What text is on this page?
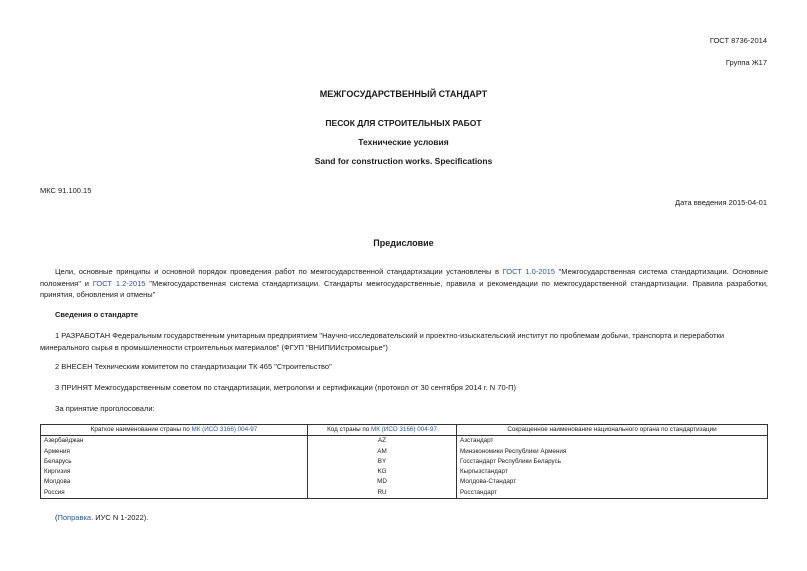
ГОСТ 8736-2014
Группа Ж17
МЕЖГОСУДАРСТВЕННЫЙ СТАНДАРТ
ПЕСОК ДЛЯ СТРОИТЕЛЬНЫХ РАБОТ
Технические условия
Sand for construction works. Specifications
МКС 91.100.15
Дата введения 2015-04-01
Предисловие
Цели, основные принципы и основной порядок проведения работ по межгосударственной стандартизации установлены в ГОСТ 1.0-2015 "Межгосударственная система стандартизации. Основные положения" и ГОСТ 1.2-2015 "Межгосударственная система стандартизации. Стандарты межгосударственные, правила и рекомендации по межгосударственной стандартизации. Правила разработки, принятия, обновления и отмены"
Сведения о стандарте
1 РАЗРАБОТАН Федеральным государственным унитарным предприятием "Научно-исследовательский и проектно-изыскательский институт по проблемам добычи, транспорта и переработки минерального сырья в промышленности строительных материалов" (ФГУП "ВНИПИИстромсырье")
2 ВНЕСЕН Техническим комитетом по стандартизации ТК 465 "Строительство"
3 ПРИНЯТ Межгосударственным советом по стандартизации, метрологии и сертификации (протокол от 30 сентября 2014 г. N 70-П)
За принятие проголосовали:
Краткое наименование страны по МК (ИСО 3166) 004-97	Код страны по МК (ИСО 3166) 004-97	Сокращенное наименование национального органа по стандартизации
Азербайджан	AZ	Азстандарт
Армения	AM	Минэкономики Республики Армения
Беларусь	BY	Госстандарт Республики Беларусь
Киргизия	KG	Кыргызстандарт
Молдова	MD	Молдова-Стандарт
Россия	RU	Росстандарт
(Поправка. ИУС N 1-2022).
